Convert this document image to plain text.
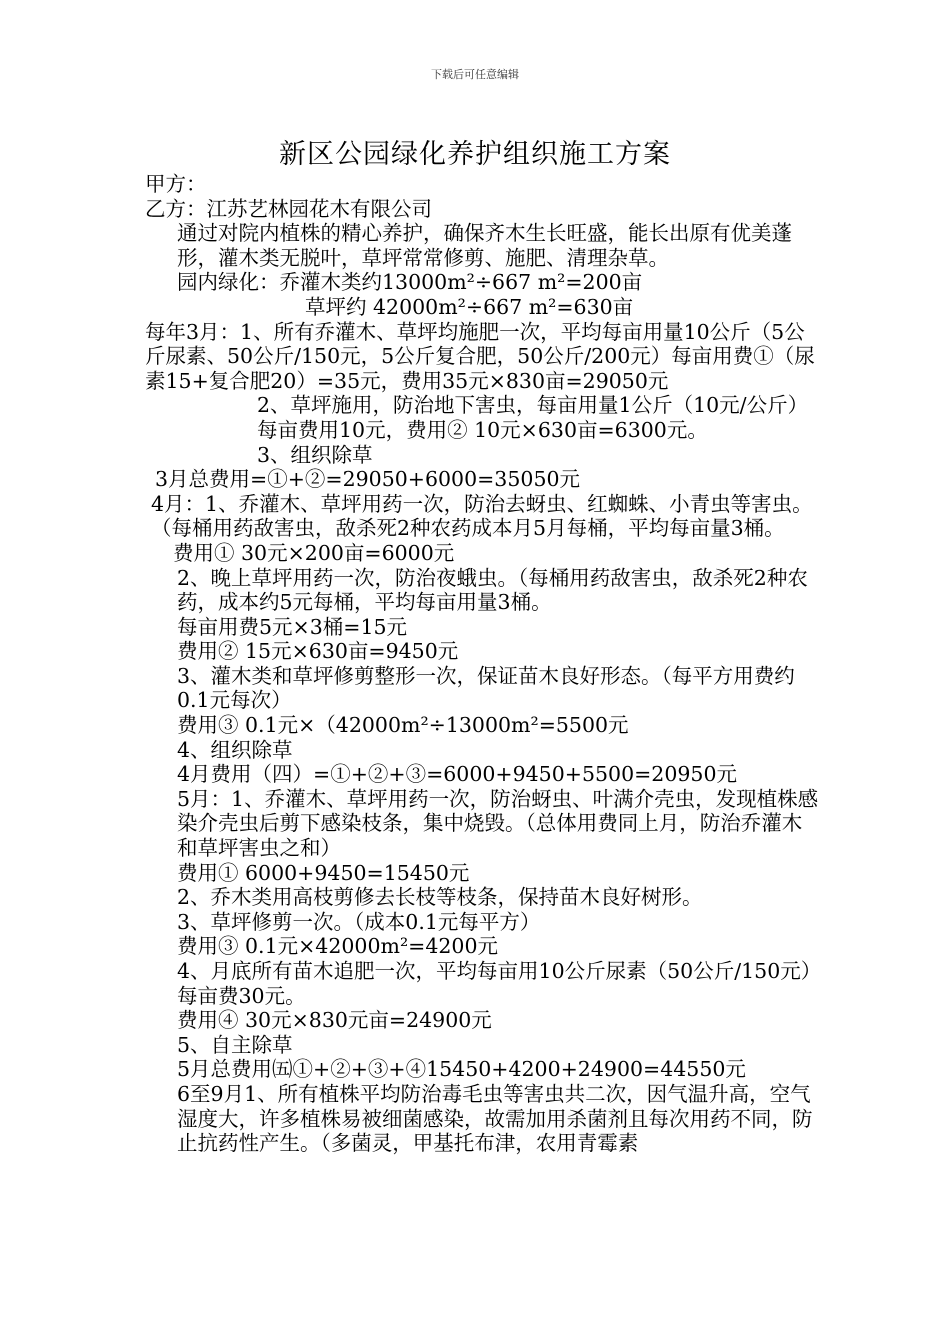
下载后可任意编辑
新区公园绿化养护组织施工方案

甲方：

乙方：江苏艺林园花木有限公司

通过对院内植株的精心养护，确保齐木生长旺盛，能长出原有优美蓬形，灌木类无脱叶，草坪常常修剪、施肥、清理杂草。

园内绿化：乔灌木类约13000m²÷667 m²=200亩

草坪约 42000m²÷667 m²=630亩

每年3月：1、所有乔灌木、草坪均施肥一次，平均每亩用量10公斤（5公斤尿素、50公斤/150元，5公斤复合肥，50公斤/200元）每亩用费①（尿素15+复合肥20）=35元，费用35元×830亩=29050元

2、草坪施用，防治地下害虫，每亩用量1公斤（10元/公斤）每亩费用10元，费用② 10元×630亩=6300元。

3、组织除草

3月总费用=①+②=29050+6000=35050元

4月：1、乔灌木、草坪用药一次，防治去蚜虫、红蜘蛛、小青虫等害虫。（每桶用药敌害虫，敌杀死2种农药成本月5月每桶，平均每亩量3桶。

费用① 30元×200亩=6000元

2、晚上草坪用药一次，防治夜蛾虫。（每桶用药敌害虫，敌杀死2种农药，成本约5元每桶，平均每亩用量3桶。

每亩用费5元×3桶=15元

费用② 15元×630亩=9450元

3、灌木类和草坪修剪整形一次，保证苗木良好形态。（每平方用费约0.1元每次）

费用③ 0.1元×（42000m²÷13000m²=5500元

4、组织除草

4月费用（四）=①+②+③=6000+9450+5500=20950元

5月：1、乔灌木、草坪用药一次，防治蚜虫、叶满介壳虫，发现植株感染介壳虫后剪下感染枝条，集中烧毁。（总体用费同上月，防治乔灌木和草坪害虫之和）

费用① 6000+9450=15450元

2、乔木类用高枝剪修去长枝等枝条，保持苗木良好树形。

3、草坪修剪一次。（成本0.1元每平方）

费用③ 0.1元×42000m²=4200元

4、月底所有苗木追肥一次，平均每亩用10公斤尿素（50公斤/150元）每亩费30元。

费用④ 30元×830元亩=24900元

5、自主除草

5月总费用㈤①+②+③+④15450+4200+24900=44550元

6至9月1、所有植株平均防治毒毛虫等害虫共二次，因气温升高，空气湿度大，许多植株易被细菌感染，故需加用杀菌剂且每次用药不同，防止抗药性产生。（多菌灵，甲基托布津，农用青霉素
